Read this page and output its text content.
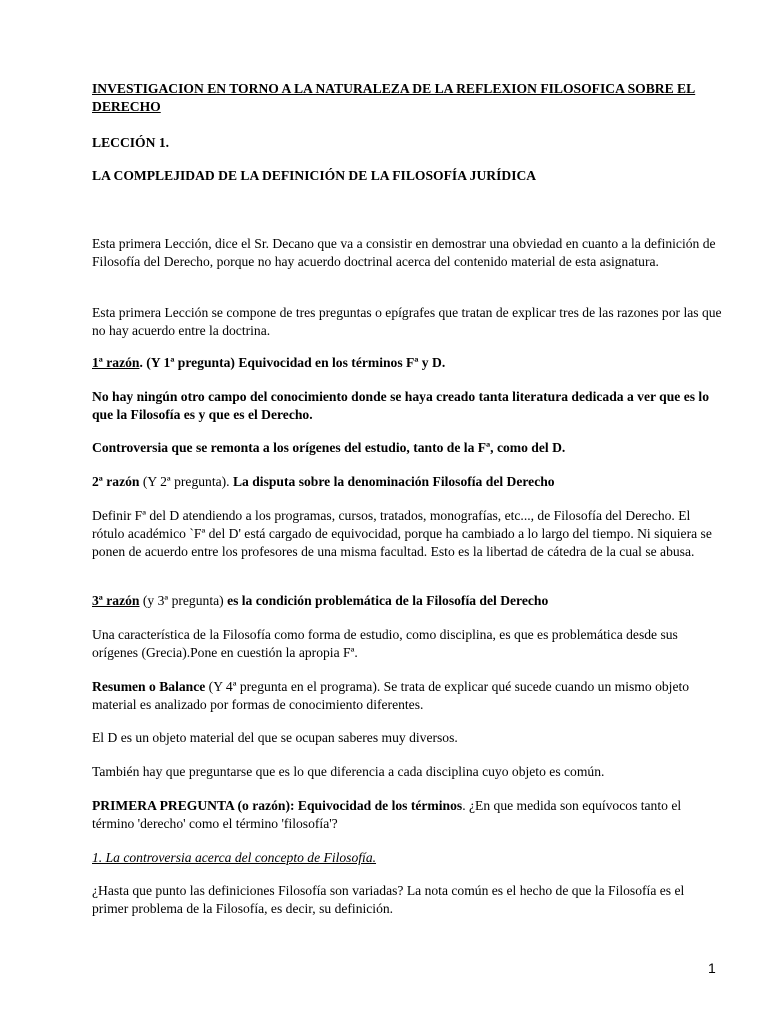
INVESTIGACION EN TORNO A LA NATURALEZA DE LA REFLEXION FILOSOFICA SOBRE EL DERECHO

LECCIÓN 1.

LA COMPLEJIDAD DE LA DEFINICIÓN DE LA FILOSOFÍA JURÍDICA

Esta primera Lección, dice el Sr. Decano que va a consistir en demostrar una obviedad en cuanto a la definición de Filosofía del Derecho, porque no hay acuerdo doctrinal acerca del contenido material de esta asignatura.

Esta primera Lección se compone de tres preguntas o epígrafes que tratan de explicar tres de las razones por las que no hay acuerdo entre la doctrina.

1ª razón. (Y 1ª pregunta) Equivocidad en los términos Fª y D.

No hay ningún otro campo del conocimiento donde se haya creado tanta literatura dedicada a ver que es lo que la Filosofía es y que es el Derecho.

Controversia que se remonta a los orígenes del estudio, tanto de la Fª, como del D.

2ª razón (Y 2ª pregunta). La disputa sobre la denominación Filosofía del Derecho

Definir Fª del D atendiendo a los programas, cursos, tratados, monografías, etc..., de Filosofía del Derecho. El rótulo académico `Fª del D' está cargado de equivocidad, porque ha cambiado a lo largo del tiempo. Ni siquiera se ponen de acuerdo entre los profesores de una misma facultad. Esto es la libertad de cátedra de la cual se abusa.

3ª razón (y 3ª pregunta) es la condición problemática de la Filosofía del Derecho

Una característica de la Filosofía como forma de estudio, como disciplina, es que es problemática desde sus orígenes (Grecia).Pone en cuestión la apropia Fª.

Resumen o Balance (Y 4ª pregunta en el programa). Se trata de explicar qué sucede cuando un mismo objeto material es analizado por formas de conocimiento diferentes.

El D es un objeto material del que se ocupan saberes muy diversos.

También hay que preguntarse que es lo que diferencia a cada disciplina cuyo objeto es común.

PRIMERA PREGUNTA (o razón): Equivocidad de los términos. ¿En que medida son equívocos tanto el término 'derecho' como el término 'filosofía'?

1. La controversia acerca del concepto de Filosofía.

¿Hasta que punto las definiciones Filosofía son variadas? La nota común es el hecho de que la Filosofía es el primer problema de la Filosofía, es decir, su definición.

1
